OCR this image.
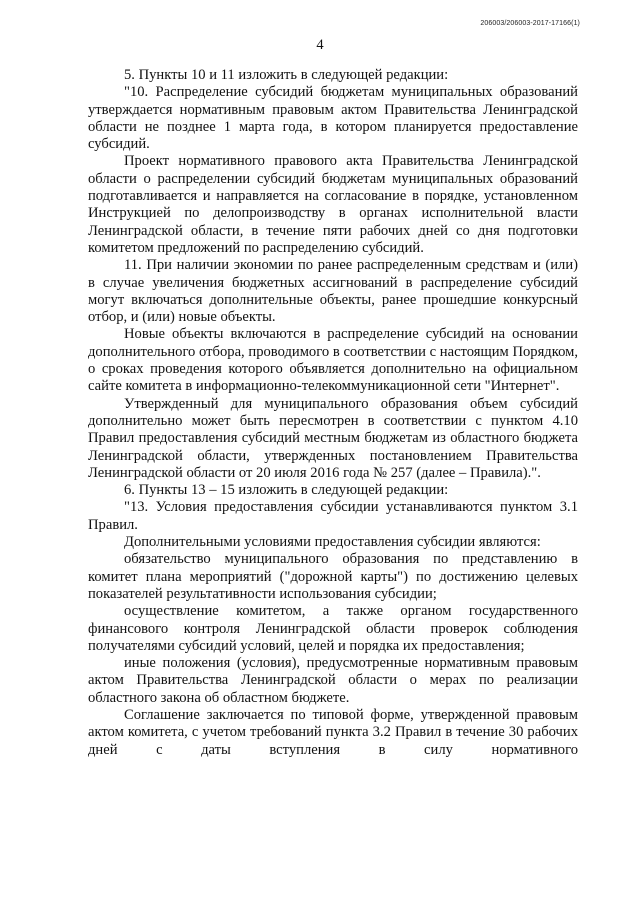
206003/206003-2017-17166(1)
4

5. Пункты 10 и 11 изложить в следующей редакции:

"10. Распределение субсидий бюджетам муниципальных образований утверждается нормативным правовым актом Правительства Ленинградской области не позднее 1 марта года, в котором планируется предоставление субсидий.

Проект нормативного правового акта Правительства Ленинградской области о распределении субсидий бюджетам муниципальных образований подготавливается и направляется на согласование в порядке, установленном Инструкцией по делопроизводству в органах исполнительной власти Ленинградской области, в течение пяти рабочих дней со дня подготовки комитетом предложений по распределению субсидий.

11. При наличии экономии по ранее распределенным средствам и (или) в случае увеличения бюджетных ассигнований в распределение субсидий могут включаться дополнительные объекты, ранее прошедшие конкурсный отбор, и (или) новые объекты.

Новые объекты включаются в распределение субсидий на основании дополнительного отбора, проводимого в соответствии с настоящим Порядком, о сроках проведения которого объявляется дополнительно на официальном сайте комитета в информационно-телекоммуникационной сети "Интернет".

Утвержденный для муниципального образования объем субсидий дополнительно может быть пересмотрен в соответствии с пунктом 4.10 Правил предоставления субсидий местным бюджетам из областного бюджета Ленинградской области, утвержденных постановлением Правительства Ленинградской области от 20 июля 2016 года № 257 (далее – Правила).".

6. Пункты 13 – 15 изложить в следующей редакции:

"13. Условия предоставления субсидии устанавливаются пунктом 3.1 Правил.

Дополнительными условиями предоставления субсидии являются:

обязательство муниципального образования по представлению в комитет плана мероприятий ("дорожной карты") по достижению целевых показателей результативности использования субсидии;

осуществление комитетом, а также органом государственного финансового контроля Ленинградской области проверок соблюдения получателями субсидий условий, целей и порядка их предоставления;

иные положения (условия), предусмотренные нормативным правовым актом Правительства Ленинградской области о мерах по реализации областного закона об областном бюджете.

Соглашение заключается по типовой форме, утвержденной правовым актом комитета, с учетом требований пункта 3.2 Правил в течение 30 рабочих дней с даты вступления в силу нормативного
